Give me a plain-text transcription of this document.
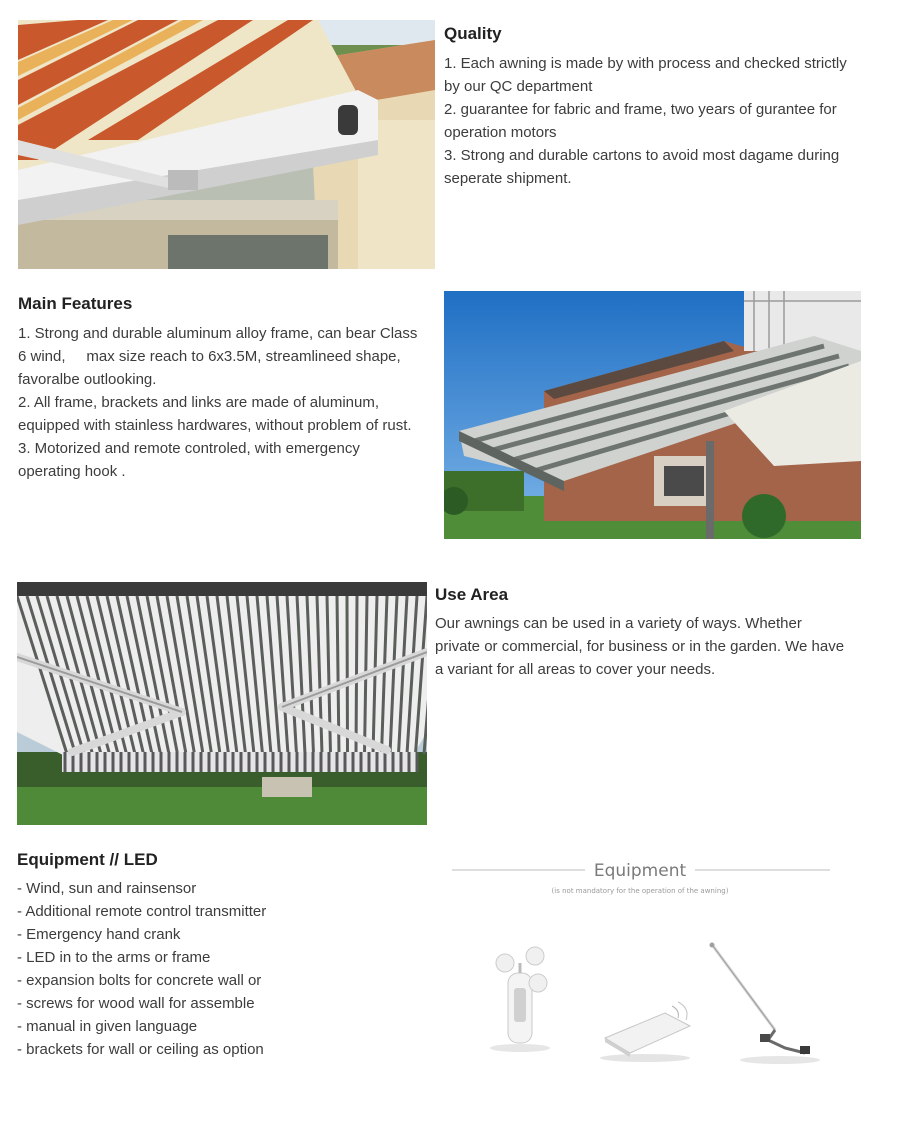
Quality

1. Each awning is made by with process and checked strictly

by our QC department

2. guarantee for fabric and frame, two years of gurantee for

operation motors

3. Strong and durable cartons to avoid most dagame during

seperate shipment.

Main Features

1. Strong and durable aluminum alloy frame, can bear Class

6 wind,     max size reach to 6x3.5M, streamlineed shape,

favoralbe outlooking.

2. All frame, brackets and links are made of aluminum,

equipped with stainless hardwares, without problem of rust.

3. Motorized and remote controled, with emergency

operating hook .

Use Area

Our awnings can be used in a variety of ways. Whether

private or commercial, for business or in the garden. We have

a variant for all areas to cover your needs.

Equipment // LED

- Wind, sun and rainsensor

- Additional remote control transmitter

- Emergency hand crank

- LED in to the arms or frame

- expansion bolts for concrete wall or

- screws for wood wall for assemble

- manual in given language

- brackets for wall or ceiling as option

Equipment
(is not mandatory for the operation of the awning)
